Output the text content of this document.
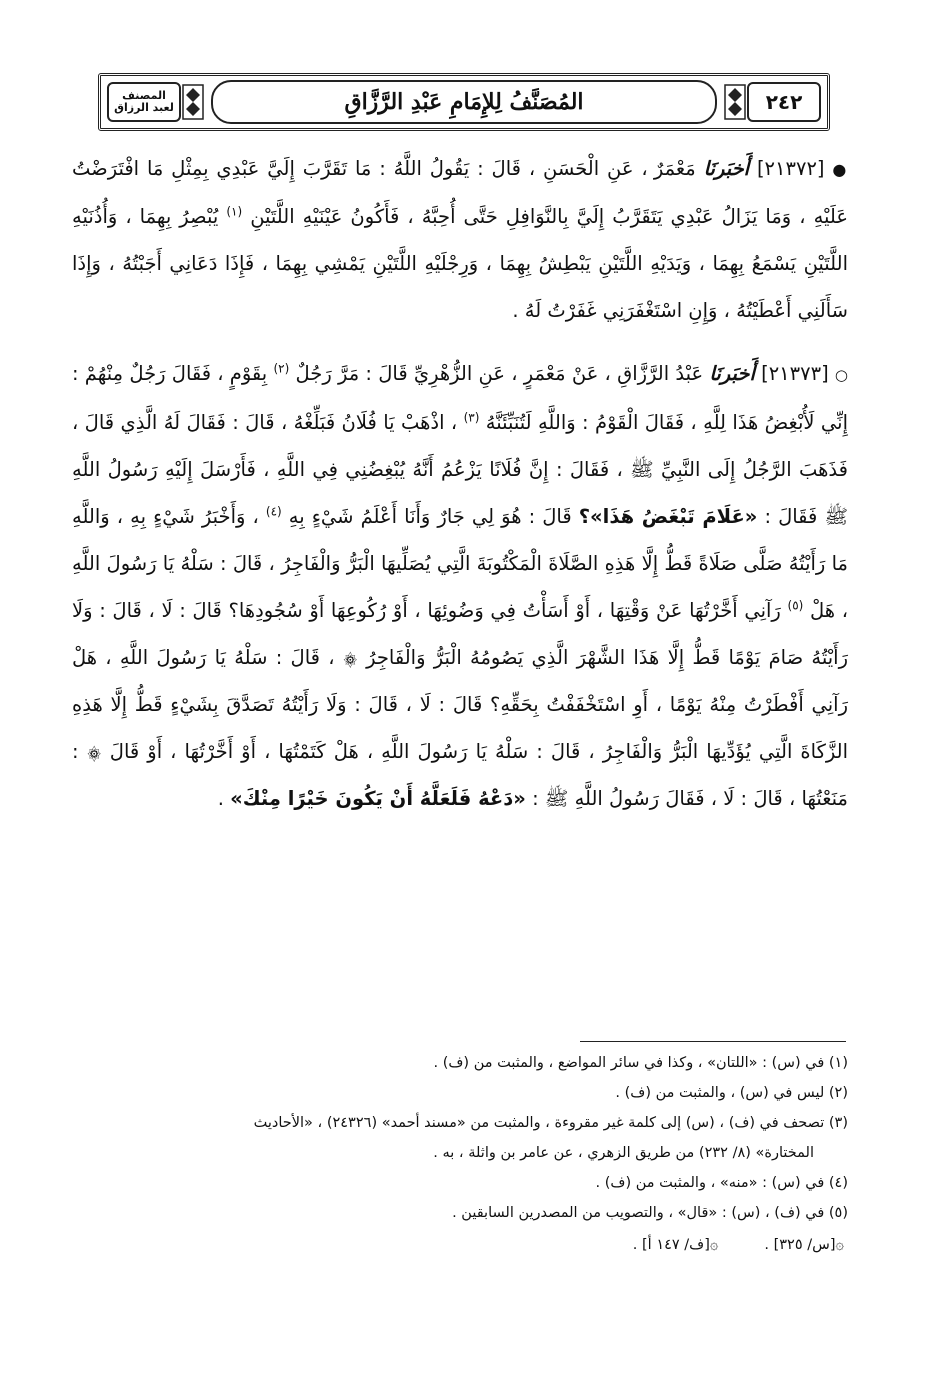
٢٤٢
المُصَنَّفُ لِلإِمَامِ عَبْدِ الرَّزَّاقِ
المصنف
لعبد الرزاق

● [٢١٣٧٢] أَخبَرنَا مَعْمَرٌ ، عَنِ الْحَسَنِ ، قَالَ : يَقُولُ اللَّهُ : مَا تَقَرَّبَ إِلَيَّ عَبْدِي بِمِثْلِ مَا افْتَرَضْتُ عَلَيْهِ ، وَمَا يَزَالُ عَبْدِي يَتَقَرَّبُ إِلَيَّ بِالنَّوَافِلِ حَتَّى أُحِبَّهُ ، فَأَكُونُ عَيْنَيْهِ اللَّتَيْنِ $^{(١)}$ يُبْصِرُ بِهِمَا ، وَأُذُنَيْهِ اللَّتَيْنِ يَسْمَعُ بِهِمَا ، وَيَدَيْهِ اللَّتَيْنِ يَبْطِشُ بِهِمَا ، وَرِجْلَيْهِ اللَّتَيْنِ يَمْشِي بِهِمَا ، فَإِذَا دَعَانِي أَجَبْتُهُ ، وَإِذَا سَأَلَنِي أَعْطَيْتُهُ ، وَإِنِ اسْتَغْفَرَنِي غَفَرْتُ لَهُ .

○ [٢١٣٧٣] أَخبَرنَا عَبْدُ الرَّزَّاقِ ، عَنْ مَعْمَرٍ ، عَنِ الزُّهْرِيِّ قَالَ : مَرَّ رَجُلٌ $^{(٢)}$ بِقَوْمٍ ، فَقَالَ رَجُلٌ مِنْهُمْ : إِنِّي لَأُبْغِضُ هَذَا لِلَّهِ ، فَقَالَ الْقَوْمُ : وَاللَّهِ لَتُنَبِّئَنَّهُ $^{(٣)}$ ، اذْهَبْ يَا فُلَانُ فَبَلِّغْهُ ، قَالَ : فَقَالَ لَهُ الَّذِي قَالَ ، فَذَهَبَ الرَّجُلُ إِلَى النَّبِيِّ ﷺ ، فَقَالَ : إِنَّ فُلَانًا يَزْعُمُ أَنَّهُ يُبْغِضُنِي فِي اللَّهِ ، فَأَرْسَلَ إِلَيْهِ رَسُولُ اللَّهِ ﷺ فَقَالَ : «عَلَامَ تَبْغَضُ هَذَا»؟ قَالَ : هُوَ لِي جَارٌ وَأَنَا أَعْلَمُ شَيْءٍ بِهِ $^{(٤)}$ ، وَأَخْبَرُ شَيْءٍ بِهِ ، وَاللَّهِ مَا رَأَيْتُهُ صَلَّى صَلَاةً قَطُّ إِلَّا هَذِهِ الصَّلَاةَ الْمَكْتُوبَةَ الَّتِي يُصَلِّيهَا الْبَرُّ وَالْفَاجِرُ ، قَالَ : سَلْهُ يَا رَسُولَ اللَّهِ ، هَلْ $^{(٥)}$ رَآنِي أَخَّرْتُهَا عَنْ وَقْتِهَا ، أَوْ أَسَأْتُ فِي وَضُوئِهَا ، أَوْ رُكُوعِهَا أَوْ سُجُودِهَا؟ قَالَ : لَا ، قَالَ : وَلَا رَأَيْتُهُ صَامَ يَوْمًا قَطُّ إِلَّا هَذَا الشَّهْرَ الَّذِي يَصُومُهُ الْبَرُّ وَالْفَاجِرُ ۞ ، قَالَ : سَلْهُ يَا رَسُولَ اللَّهِ ، هَلْ رَآنِي أَفْطَرْتُ مِنْهُ يَوْمًا ، أَوِ اسْتَخْفَفْتُ بِحَقِّهِ؟ قَالَ : لَا ، قَالَ : وَلَا رَأَيْتُهُ تَصَدَّقَ بِشَيْءٍ قَطُّ إِلَّا هَذِهِ الزَّكَاةَ الَّتِي يُؤَدِّيهَا الْبَرُّ وَالْفَاجِرُ ، قَالَ : سَلْهُ يَا رَسُولَ اللَّهِ ، هَلْ كَتَمْتُهَا ، أَوْ أَخَّرْتُهَا ، أَوْ قَالَ ۞ : مَنَعْتُهَا ، قَالَ : لَا ، فَقَالَ رَسُولُ اللَّهِ ﷺ : «دَعْهُ فَلَعَلَّهُ أَنْ يَكُونَ خَيْرًا مِنْكَ» .

(١) في (س) : «اللتان» ، وكذا في سائر المواضع ، والمثبت من (ف) .

(٢) ليس في (س) ، والمثبت من (ف) .

(٣) تصحف في (ف) ، (س) إلى كلمة غير مقروءة ، والمثبت من «مسند أحمد» (٢٤٣٢٦) ، «الأحاديث

المختارة» (٨/ ٢٣٢) من طريق الزهري ، عن عامر بن واثلة ، به .

(٤) في (س) : «منه» ، والمثبت من (ف) .

(٥) في (ف) ، (س) : «قال» ، والتصويب من المصدرين السابقين .

۞[س/ ٣٢٥] .
۞[ف/ ١٤٧ أ] .
